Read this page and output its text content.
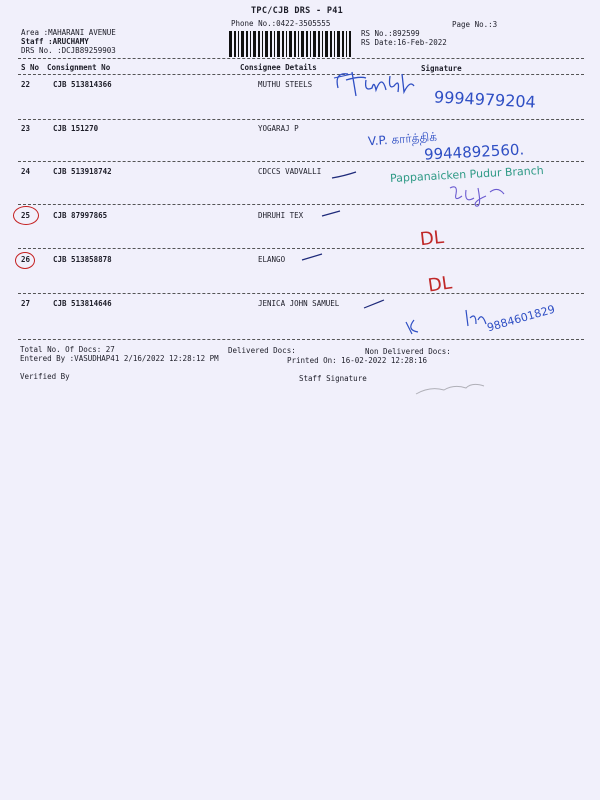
TPC/CJB DRS - P41
Phone No.:0422-3505555	Page No.:3
Area :MAHARANI AVENUE
Staff :ARUCHAMY
DRS No. :DCJB89259903
RS No.:892599
RS Date:16-Feb-2022
S No Consignment No	Consignee Details	Signature
22	CJB 513814366	MUTHU STEELS
23	CJB 151270	YOGARAJ P
24	CJB 513918742	CDCCS VADVALLI
25	CJB 87997865	DHRUHI TEX
26	CJB 513858878	ELANGO
27	CJB 513814646	JENICA JOHN SAMUEL
Total No. Of Docs: 27	Delivered Docs:	Non Delivered Docs:
Entered By :VASUDHAP41 2/16/2022 12:28:12 PM	Printed On: 16-02-2022 12:28:16
Verified By	Staff Signature
9994979204
V.P. கார்த்திக்
9944892560.
Pappanaicken Pudur Branch
DL
DL
9884601829
